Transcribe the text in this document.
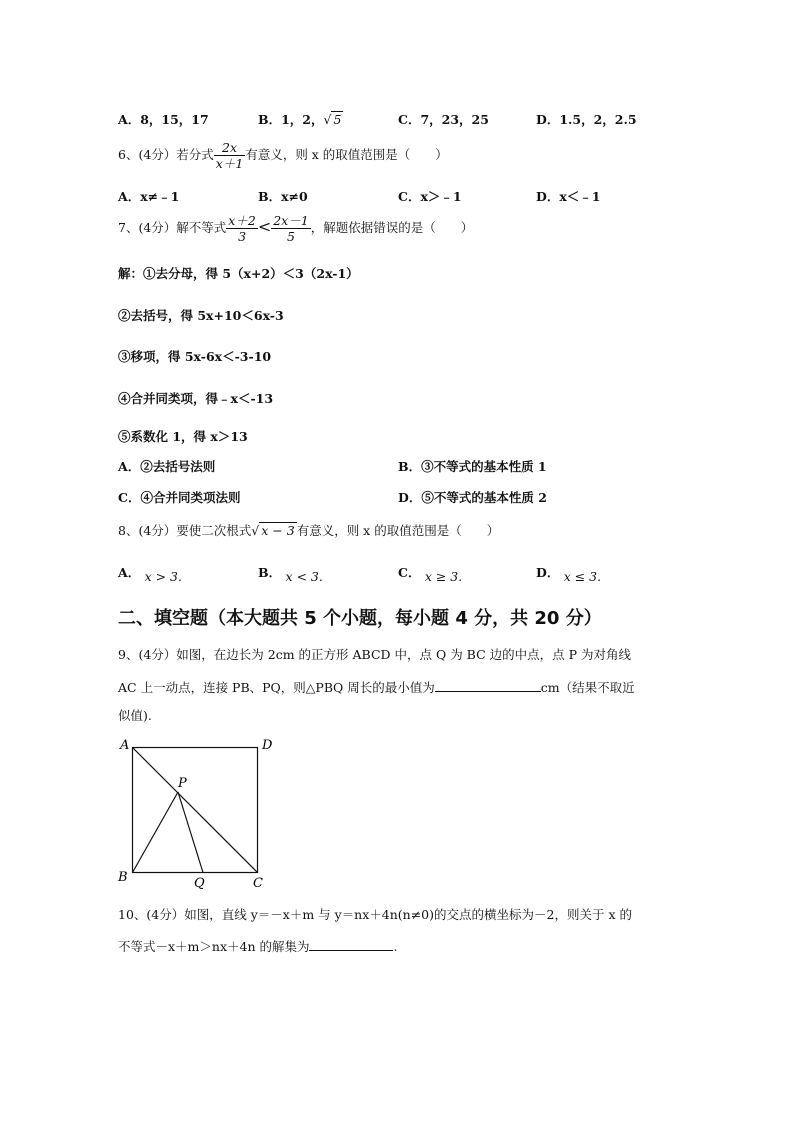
A．8，15，17	B．1，2，√ 5	C．7，23，25	D．1.5，2，2.5
6、(4分）若分式 $\frac{2x}{x+1}$ 有意义，则 x 的取值范围是（　　）
A．x≠﹣1	B．x≠0	C．x＞﹣1	D．x＜﹣1
7、(4分）解不等式 $\frac{x+2}{3} < \frac{2x-1}{5}$ ，解题依据错误的是（　　）
解：①去分母，得 5（x+2）＜3（2x-1）
②去括号，得 5x+10＜6x-3
③移项，得 5x-6x＜-3-10
④合并同类项，得﹣x＜-13
⑤系数化 1，得 x＞13
A．②去括号法则	B．③不等式的基本性质 1
C．④合并同类项法则	D．⑤不等式的基本性质 2
8、(4分）要使二次根式√ x − 3 有意义，则 x 的取值范围是（　　）
A． x > 3.	B． x < 3.	C． x ≥ 3.	D． x ≤ 3.
二、填空题（本大题共 5 个小题，每小题 4 分，共 20 分）
9、(4分）如图，在边长为 2cm 的正方形 ABCD 中，点 Q 为 BC 边的中点，点 P 为对角线
AC 上一动点，连接 PB、PQ，则△PBQ 周长的最小值为	cm（结果不取近
似值).
A	D
B	C
P
Q
10、(4分）如图，直线 y＝－x＋m 与 y＝nx＋4n(n≠0)的交点的横坐标为－2，则关于 x 的
不等式－x＋m＞nx＋4n 的解集为	.
